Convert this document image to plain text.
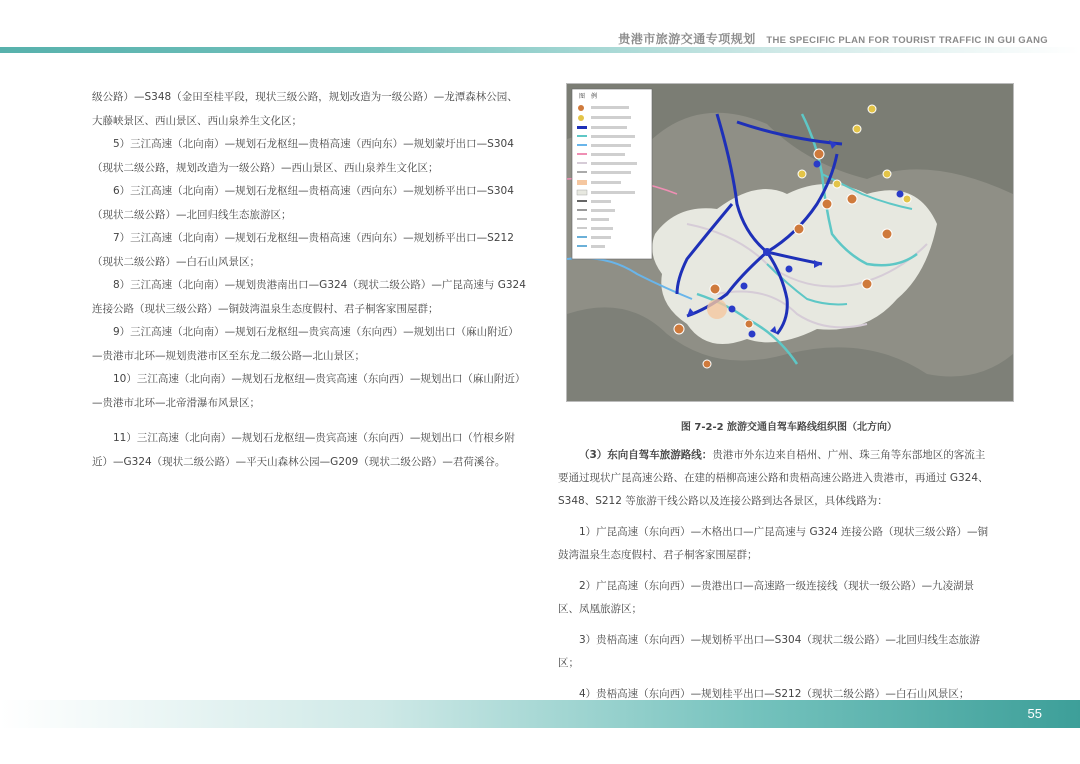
贵港市旅游交通专项规划 THE SPECIFIC PLAN FOR TOURIST TRAFFIC IN GUI GANG

级公路）—S348（金田至桂平段，现状三级公路，规划改造为一级公路）—龙潭森林公园、大藤峡景区、西山景区、西山泉养生文化区；

5）三江高速（北向南）—规划石龙枢纽—贵梧高速（西向东）—规划蒙圩出口—S304（现状二级公路，规划改造为一级公路）—西山景区、西山泉养生文化区；

6）三江高速（北向南）—规划石龙枢纽—贵梧高速（西向东）—规划桥平出口—S304（现状二级公路）—北回归线生态旅游区；

7）三江高速（北向南）—规划石龙枢纽—贵梧高速（西向东）—规划桥平出口—S212（现状二级公路）—白石山风景区；

8）三江高速（北向南）—规划贵港南出口—G324（现状二级公路）—广昆高速与 G324 连接公路（现状三级公路）—铜鼓湾温泉生态度假村、君子桐客家围屋群；

9）三江高速（北向南）—规划石龙枢纽—贵宾高速（东向西）—规划出口（麻山附近）—贵港市北环—规划贵港市区至东龙二级公路—北山景区；

10）三江高速（北向南）—规划石龙枢纽—贵宾高速（东向西）—规划出口（麻山附近）—贵港市北环—北帝滑瀑布风景区；

11）三江高速（北向南）—规划石龙枢纽—贵宾高速（东向西）—规划出口（竹根乡附近）—G324（现状二级公路）—平天山森林公园—G209（现状二级公路）—君荷溪谷。

图　例
图 7-2-2 旅游交通自驾车路线组织图（北方向）

（3）东向自驾车旅游路线：贵港市外东边来自梧州、广州、珠三角等东部地区的客流主要通过现状广昆高速公路、在建的梧柳高速公路和贵梧高速公路进入贵港市，再通过 G324、S348、S212 等旅游干线公路以及连接公路到达各景区，具体线路为：

1）广昆高速（东向西）—木格出口—广昆高速与 G324 连接公路（现状三级公路）—铜鼓湾温泉生态度假村、君子桐客家围屋群；

2）广昆高速（东向西）—贵港出口—高速路一级连接线（现状一级公路）—九凌湖景区、凤凰旅游区；

3）贵梧高速（东向西）—规划桥平出口—S304（现状二级公路）—北回归线生态旅游区；

4）贵梧高速（东向西）—规划桂平出口—S212（现状二级公路）—白石山风景区；

55
